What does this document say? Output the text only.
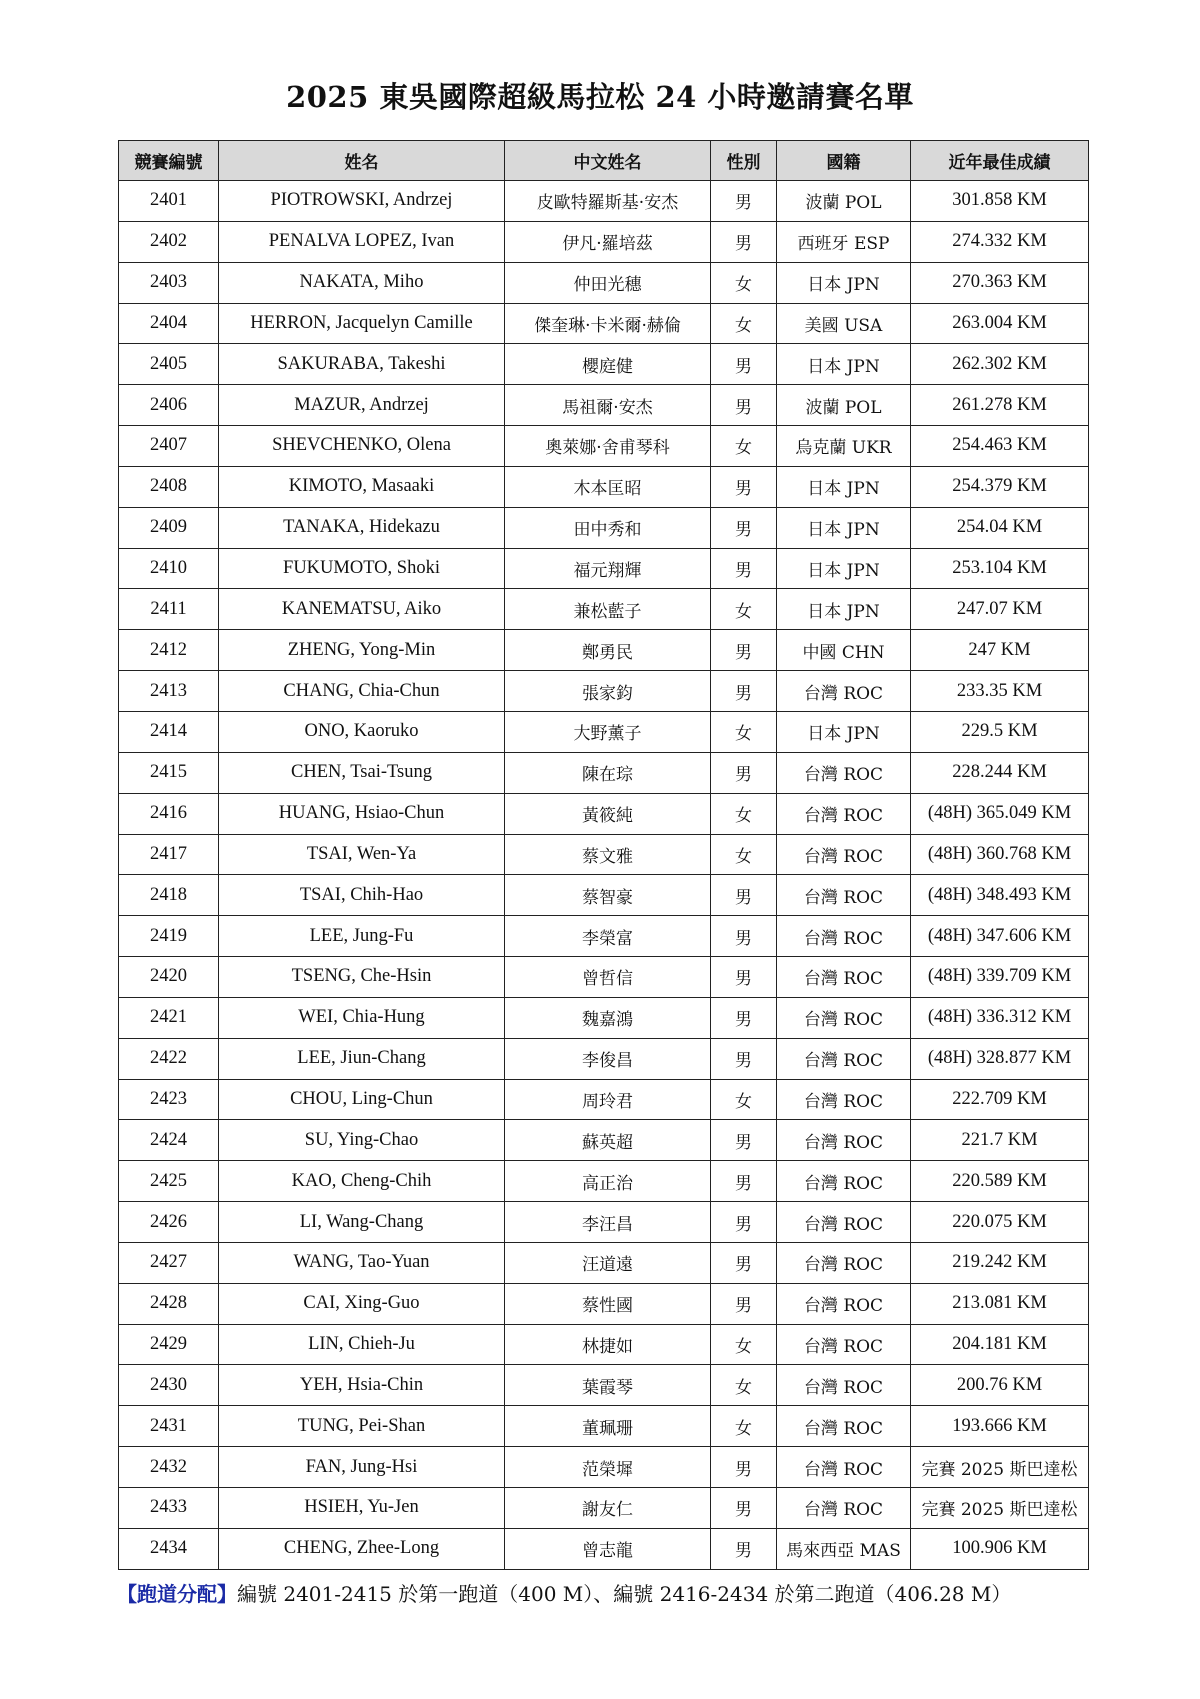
2025 東吳國際超級馬拉松 24 小時邀請賽名單
競賽編號	姓名	中文姓名	性別	國籍	近年最佳成績
2401	PIOTROWSKI, Andrzej	皮歐特羅斯基·安杰	男	波蘭 POL	301.858 KM
2402	PENALVA LOPEZ, Ivan	伊凡·羅培茲	男	西班牙 ESP	274.332 KM
2403	NAKATA, Miho	仲田光穗	女	日本 JPN	270.363 KM
2404	HERRON, Jacquelyn Camille	傑奎琳·卡米爾·赫倫	女	美國 USA	263.004 KM
2405	SAKURABA, Takeshi	櫻庭健	男	日本 JPN	262.302 KM
2406	MAZUR, Andrzej	馬祖爾·安杰	男	波蘭 POL	261.278 KM
2407	SHEVCHENKO, Olena	奧萊娜·舍甫琴科	女	烏克蘭 UKR	254.463 KM
2408	KIMOTO, Masaaki	木本匡昭	男	日本 JPN	254.379 KM
2409	TANAKA, Hidekazu	田中秀和	男	日本 JPN	254.04 KM
2410	FUKUMOTO, Shoki	福元翔輝	男	日本 JPN	253.104 KM
2411	KANEMATSU, Aiko	兼松藍子	女	日本 JPN	247.07 KM
2412	ZHENG, Yong-Min	鄭勇民	男	中國 CHN	247 KM
2413	CHANG, Chia-Chun	張家鈞	男	台灣 ROC	233.35 KM
2414	ONO, Kaoruko	大野薰子	女	日本 JPN	229.5 KM
2415	CHEN, Tsai-Tsung	陳在琮	男	台灣 ROC	228.244 KM
2416	HUANG, Hsiao-Chun	黃筱純	女	台灣 ROC	(48H) 365.049 KM
2417	TSAI, Wen-Ya	蔡文雅	女	台灣 ROC	(48H) 360.768 KM
2418	TSAI, Chih-Hao	蔡智豪	男	台灣 ROC	(48H) 348.493 KM
2419	LEE, Jung-Fu	李榮富	男	台灣 ROC	(48H) 347.606 KM
2420	TSENG, Che-Hsin	曾哲信	男	台灣 ROC	(48H) 339.709 KM
2421	WEI, Chia-Hung	魏嘉鴻	男	台灣 ROC	(48H) 336.312 KM
2422	LEE, Jiun-Chang	李俊昌	男	台灣 ROC	(48H) 328.877 KM
2423	CHOU, Ling-Chun	周玲君	女	台灣 ROC	222.709 KM
2424	SU, Ying-Chao	蘇英超	男	台灣 ROC	221.7 KM
2425	KAO, Cheng-Chih	高正治	男	台灣 ROC	220.589 KM
2426	LI, Wang-Chang	李汪昌	男	台灣 ROC	220.075 KM
2427	WANG, Tao-Yuan	汪道遠	男	台灣 ROC	219.242 KM
2428	CAI, Xing-Guo	蔡性國	男	台灣 ROC	213.081 KM
2429	LIN, Chieh-Ju	林捷如	女	台灣 ROC	204.181 KM
2430	YEH, Hsia-Chin	葉霞琴	女	台灣 ROC	200.76 KM
2431	TUNG, Pei-Shan	董珮珊	女	台灣 ROC	193.666 KM
2432	FAN, Jung-Hsi	范榮墀	男	台灣 ROC	完賽 2025 斯巴達松
2433	HSIEH, Yu-Jen	謝友仁	男	台灣 ROC	完賽 2025 斯巴達松
2434	CHENG, Zhee-Long	曾志龍	男	馬來西亞 MAS	100.906 KM
【跑道分配】編號 2401-2415 於第一跑道（400 M）、編號 2416-2434 於第二跑道（406.28 M）
